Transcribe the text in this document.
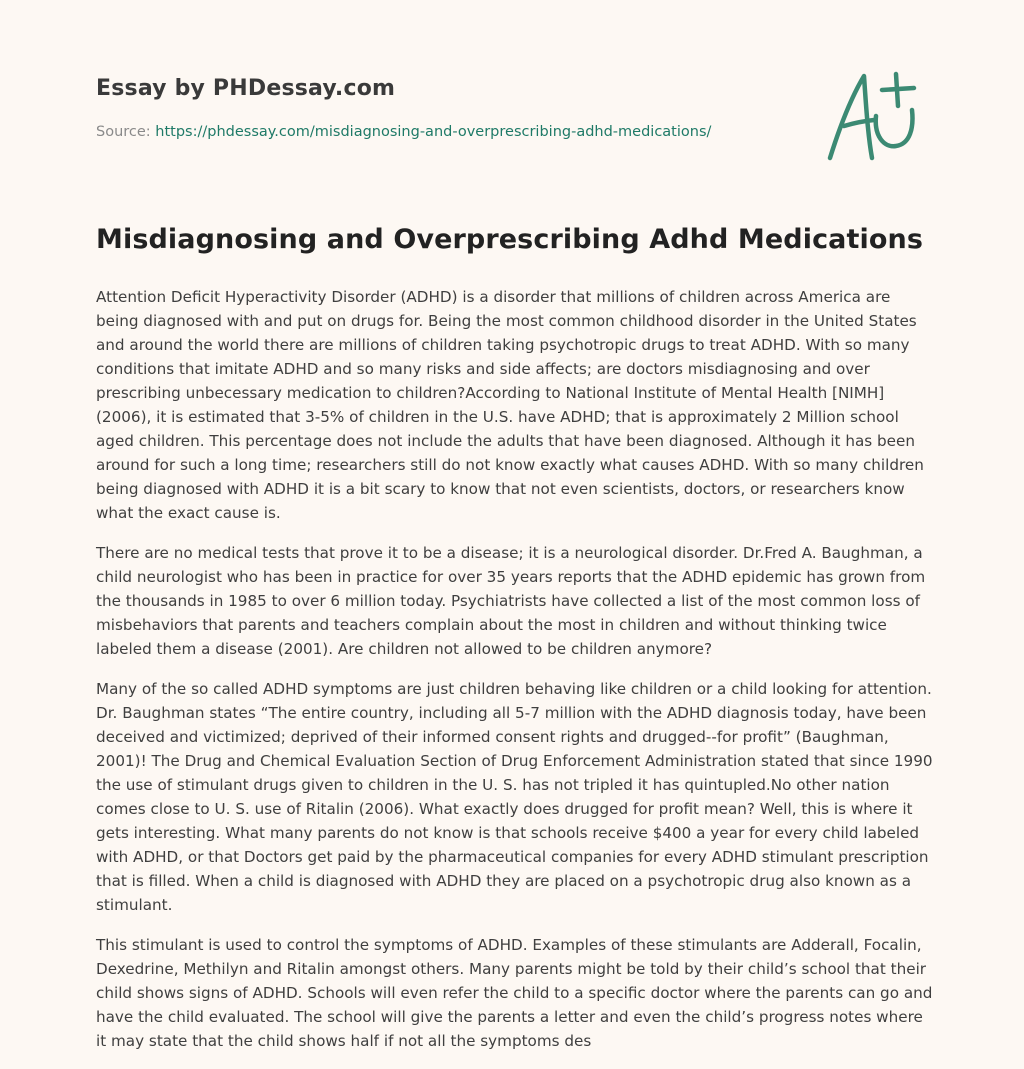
Essay by PHDessay.com
Source: https://phdessay.com/misdiagnosing-and-overprescribing-adhd-medications/
Misdiagnosing and Overprescribing Adhd Medications

Attention Deficit Hyperactivity Disorder (ADHD) is a disorder that millions of children across America are being diagnosed with and put on drugs for. Being the most common childhood disorder in the United States and around the world there are millions of children taking psychotropic drugs to treat ADHD. With so many conditions that imitate ADHD and so many risks and side affects; are doctors misdiagnosing and over prescribing unbecessary medication to children?According to National Institute of Mental Health [NIMH] (2006), it is estimated that 3-5% of children in the U.S. have ADHD; that is approximately 2 Million school aged children. This percentage does not include the adults that have been diagnosed. Although it has been around for such a long time; researchers still do not know exactly what causes ADHD. With so many children being diagnosed with ADHD it is a bit scary to know that not even scientists, doctors, or researchers know what the exact cause is.

There are no medical tests that prove it to be a disease; it is a neurological disorder. Dr.Fred A. Baughman, a child neurologist who has been in practice for over 35 years reports that the ADHD epidemic has grown from the thousands in 1985 to over 6 million today. Psychiatrists have collected a list of the most common loss of misbehaviors that parents and teachers complain about the most in children and without thinking twice labeled them a disease (2001). Are children not allowed to be children anymore?

Many of the so called ADHD symptoms are just children behaving like children or a child looking for attention. Dr. Baughman states “The entire country, including all 5-7 million with the ADHD diagnosis today, have been deceived and victimized; deprived of their informed consent rights and drugged--for profit” (Baughman, 2001)! The Drug and Chemical Evaluation Section of Drug Enforcement Administration stated that since 1990 the use of stimulant drugs given to children in the U. S. has not tripled it has quintupled.No other nation comes close to U. S. use of Ritalin (2006). What exactly does drugged for profit mean? Well, this is where it gets interesting. What many parents do not know is that schools receive $400 a year for every child labeled with ADHD, or that Doctors get paid by the pharmaceutical companies for every ADHD stimulant prescription that is filled. When a child is diagnosed with ADHD they are placed on a psychotropic drug also known as a stimulant.

This stimulant is used to control the symptoms of ADHD. Examples of these stimulants are Adderall, Focalin, Dexedrine, Methilyn and Ritalin amongst others. Many parents might be told by their child’s school that their child shows signs of ADHD. Schools will even refer the child to a specific doctor where the parents can go and have the child evaluated. The school will give the parents a letter and even the child’s progress notes where it may state that the child shows half if not all the symptoms des
